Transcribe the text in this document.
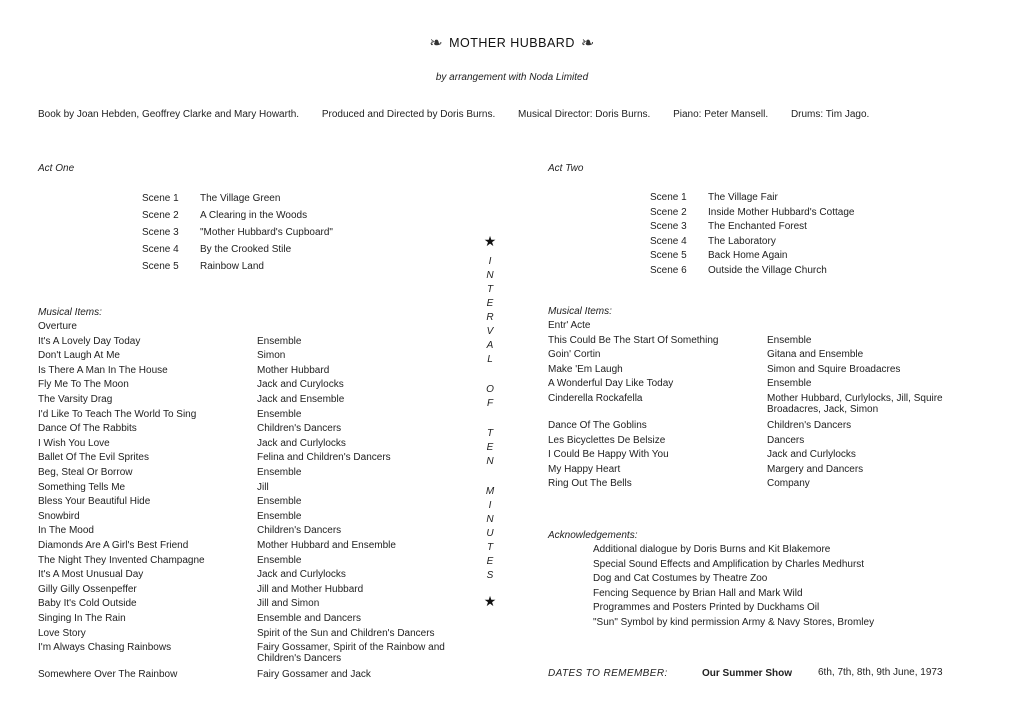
❧ MOTHER HUBBARD ❧
by arrangement with Noda Limited
Book by Joan Hebden, Geoffrey Clarke and Mary Howarth. Produced and Directed by Doris Burns. Musical Director: Doris Burns. Piano: Peter Mansell. Drums: Tim Jago.
Act One
Scene 1 The Village Green
Scene 2 A Clearing in the Woods
Scene 3 "Mother Hubbard's Cupboard"
Scene 4 By the Crooked Stile
Scene 5 Rainbow Land
Musical Items:
Overture
It's A Lovely Day Today	Ensemble
Don't Laugh At Me	Simon
Is There A Man In The House	Mother Hubbard
Fly Me To The Moon	Jack and Curylocks
The Varsity Drag	Jack and Ensemble
I'd Like To Teach The World To Sing	Ensemble
Dance Of The Rabbits	Children's Dancers
I Wish You Love	Jack and Curlylocks
Ballet Of The Evil Sprites	Felina and Children's Dancers
Beg, Steal Or Borrow	Ensemble
Something Tells Me	Jill
Bless Your Beautiful Hide	Ensemble
Snowbird	Ensemble
In The Mood	Children's Dancers
Diamonds Are A Girl's Best Friend	Mother Hubbard and Ensemble
The Night They Invented Champagne	Ensemble
It's A Most Unusual Day	Jack and Curlylocks
Gilly Gilly Ossenpeffer	Jill and Mother Hubbard
Baby It's Cold Outside	Jill and Simon
Singing In The Rain	Ensemble and Dancers
Love Story	Spirit of the Sun and Children's Dancers
I'm Always Chasing Rainbows	Fairy Gossamer, Spirit of the Rainbow and Children's Dancers
Somewhere Over The Rainbow	Fairy Gossamer and Jack
★
I
N
T
E
R
V
A
L
O
F
T
E
N
M
I
N
U
T
E
S
★
Act Two
Scene 1 The Village Fair
Scene 2 Inside Mother Hubbard's Cottage
Scene 3 The Enchanted Forest
Scene 4 The Laboratory
Scene 5 Back Home Again
Scene 6 Outside the Village Church
Musical Items:
Entr' Acte
This Could Be The Start Of Something	Ensemble
Goin' Cortin	Gitana and Ensemble
Make 'Em Laugh	Simon and Squire Broadacres
A Wonderful Day Like Today	Ensemble
Cinderella Rockafella	Mother Hubbard, Curlylocks, Jill, Squire Broadacres, Jack, Simon
Dance Of The Goblins	Children's Dancers
Les Bicyclettes De Belsize	Dancers
I Could Be Happy With You	Jack and Curlylocks
My Happy Heart	Margery and Dancers
Ring Out The Bells	Company
Acknowledgements:
Additional dialogue by Doris Burns and Kit Blakemore
Special Sound Effects and Amplification by Charles Medhurst
Dog and Cat Costumes by Theatre Zoo
Fencing Sequence by Brian Hall and Mark Wild
Programmes and Posters Printed by Duckhams Oil
"Sun" Symbol by kind permission Army & Navy Stores, Bromley
DATES TO REMEMBER:	Our Summer Show	6th, 7th, 8th, 9th June, 1973
